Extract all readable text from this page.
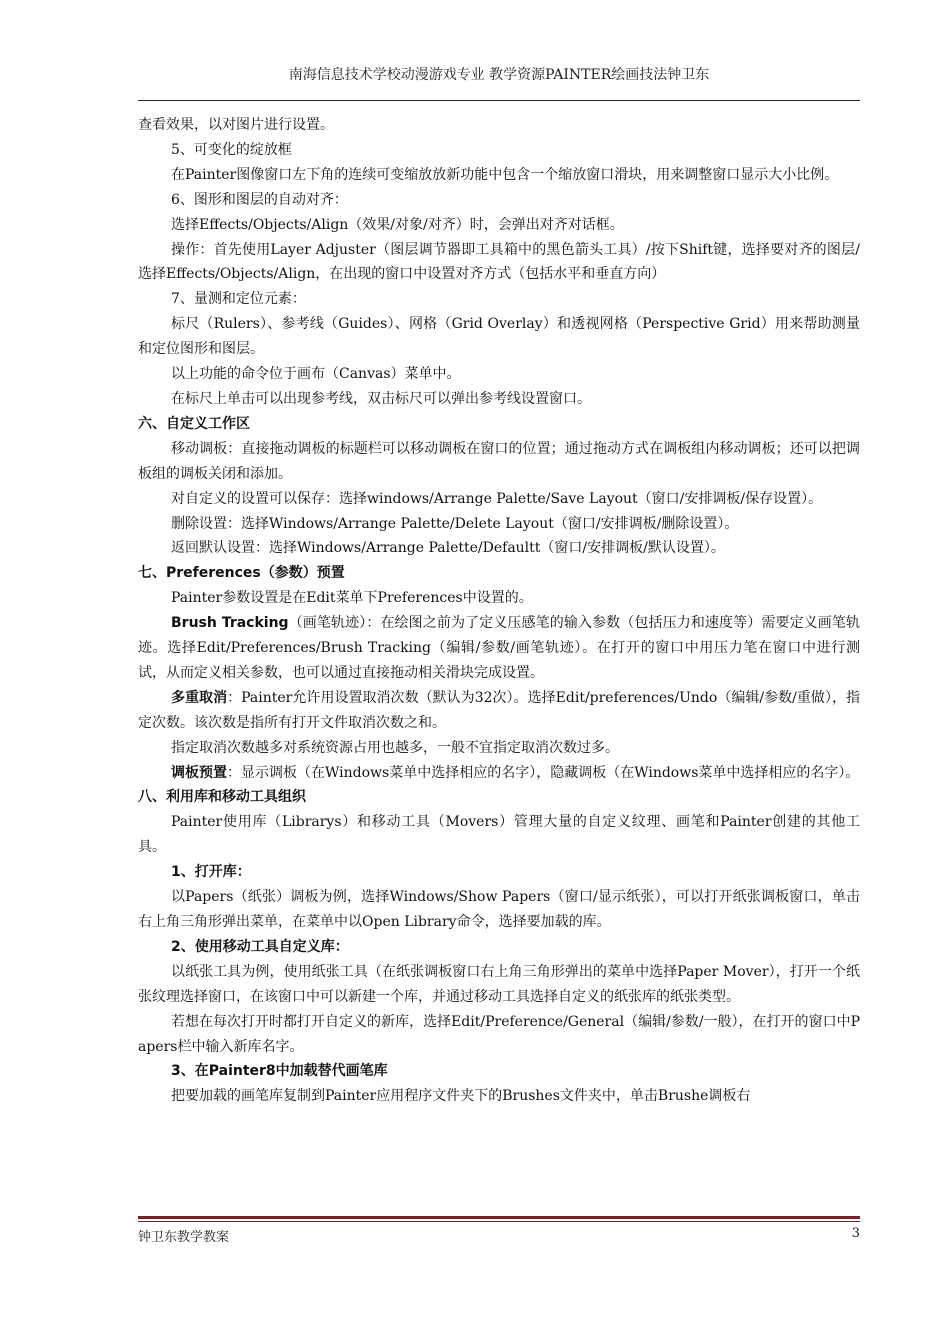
南海信息技术学校动漫游戏专业 教学资源PAINTER绘画技法钟卫东

查看效果，以对图片进行设置。

5、可变化的绽放框

在Painter图像窗口左下角的连续可变缩放放新功能中包含一个缩放窗口滑块，用来调整窗口显示大小比例。

6、图形和图层的自动对齐：

选择Effects/Objects/Align（效果/对象/对齐）时，会弹出对齐对话框。

操作：首先使用Layer Adjuster（图层调节器即工具箱中的黑色箭头工具）/按下Shift键，选择要对齐的图层/选择Effects/Objects/Align，在出现的窗口中设置对齐方式（包括水平和垂直方向）

7、量测和定位元素：

标尺（Rulers）、参考线（Guides）、网格（Grid Overlay）和透视网格（Perspective Grid）用来帮助测量和定位图形和图层。

以上功能的命令位于画布（Canvas）菜单中。

在标尺上单击可以出现参考线，双击标尺可以弹出参考线设置窗口。

六、自定义工作区

移动调板：直接拖动调板的标题栏可以移动调板在窗口的位置；通过拖动方式在调板组内移动调板；还可以把调板组的调板关闭和添加。

对自定义的设置可以保存：选择windows/Arrange Palette/Save Layout（窗口/安排调板/保存设置）。

删除设置：选择Windows/Arrange Palette/Delete Layout（窗口/安排调板/删除设置）。

返回默认设置：选择Windows/Arrange Palette/Defaultt（窗口/安排调板/默认设置）。

七、Preferences（参数）预置

Painter参数设置是在Edit菜单下Preferences中设置的。

Brush Tracking（画笔轨迹）：在绘图之前为了定义压感笔的输入参数（包括压力和速度等）需要定义画笔轨迹。选择Edit/Preferences/Brush Tracking（编辑/参数/画笔轨迹）。在打开的窗口中用压力笔在窗口中进行测试，从而定义相关参数，也可以通过直接拖动相关滑块完成设置。

多重取消：Painter允许用设置取消次数（默认为32次）。选择Edit/preferences/Undo（编辑/参数/重做），指定次数。该次数是指所有打开文件取消次数之和。

指定取消次数越多对系统资源占用也越多，一般不宜指定取消次数过多。

调板预置：显示调板（在Windows菜单中选择相应的名字），隐藏调板（在Windows菜单中选择相应的名字）。

八、利用库和移动工具组织

Painter使用库（Librarys）和移动工具（Movers）管理大量的自定义纹理、画笔和Painter创建的其他工具。

1、打开库：

以Papers（纸张）调板为例，选择Windows/Show Papers（窗口/显示纸张），可以打开纸张调板窗口，单击右上角三角形弹出菜单，在菜单中以Open Library命令，选择要加载的库。

2、使用移动工具自定义库：

以纸张工具为例，使用纸张工具（在纸张调板窗口右上角三角形弹出的菜单中选择Paper Mover），打开一个纸张纹理选择窗口，在该窗口中可以新建一个库，并通过移动工具选择自定义的纸张库的纸张类型。

若想在每次打开时都打开自定义的新库，选择Edit/Preference/General（编辑/参数/一般），在打开的窗口中Papers栏中输入新库名字。

3、在Painter8中加载替代画笔库

把要加载的画笔库复制到Painter应用程序文件夹下的Brushes文件夹中，单击Brushe调板右

钟卫东教学教案	3
